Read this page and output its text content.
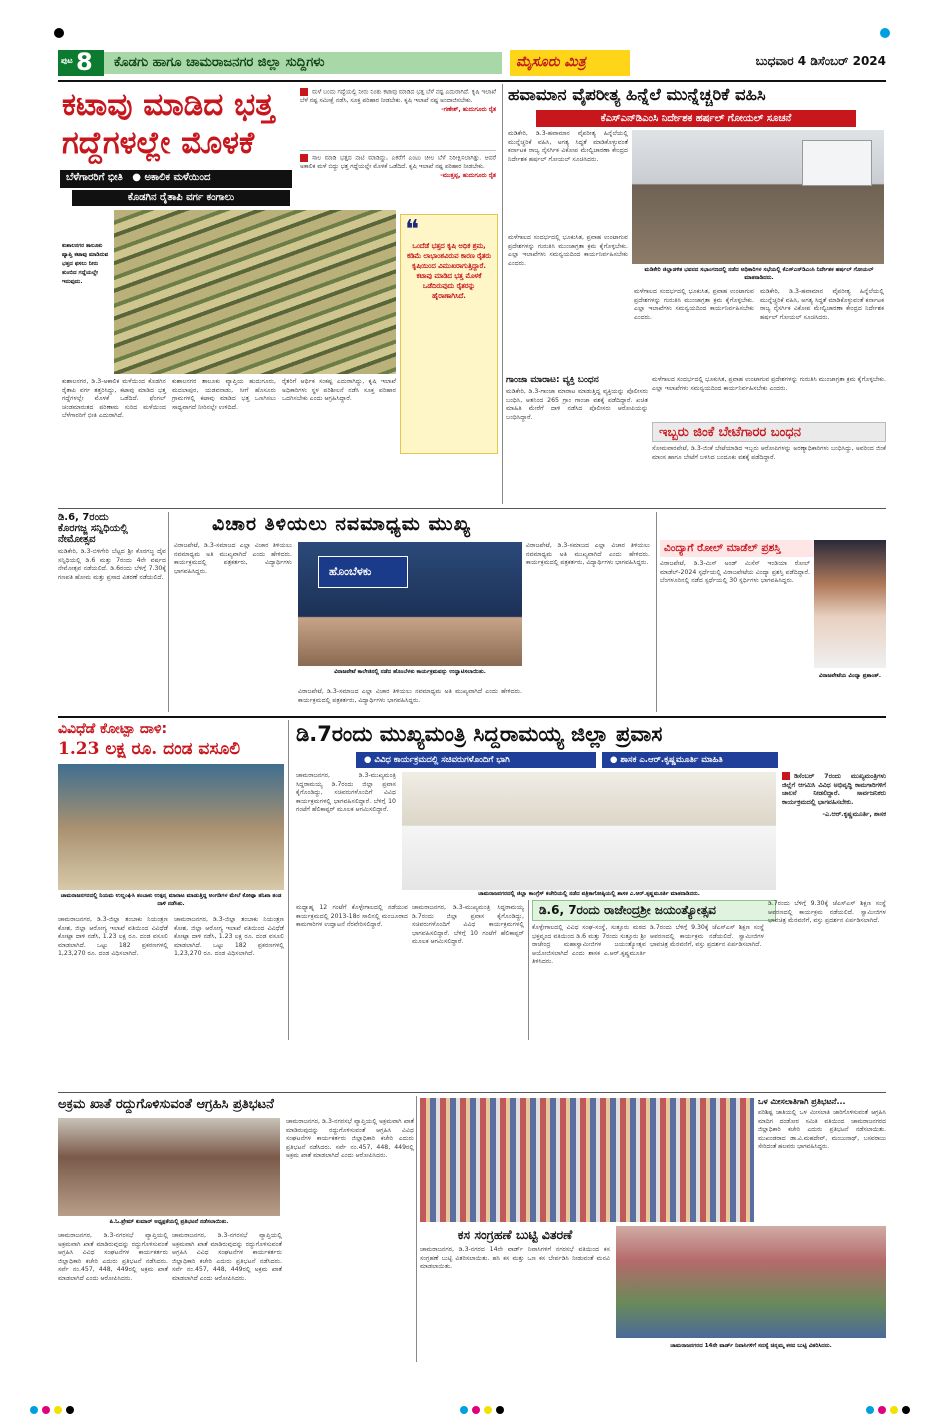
ಪುಟ 8	ಕೊಡಗು ಹಾಗೂ ಚಾಮರಾಜನಗರ ಜಿಲ್ಲಾ ಸುದ್ದಿಗಳು	ಮೈಸೂರು ಮಿತ್ರ	ಬುಧವಾರ 4 ಡಿಸೆಂಬರ್ 2024
ಕಟಾವು ಮಾಡಿದ ಭತ್ತ
ಗದ್ದೆಗಳಲ್ಲೇ ಮೊಳಕೆ
ಬೆಳೆಗಾರರಿಗೆ ಭೀತಿ ● ಅಕಾಲಿಕ ಮಳೆಯಿಂದ
ಕೊಡಗಿನ ರೈತಾಪಿ ವರ್ಗ ಕಂಗಾಲು
ಮಳೆ ಬಂದು ಗದ್ದೆಯಲ್ಲಿ ನೀರು ನಿಂತು ಕಟಾವು ಮಾಡಿದ ಭತ್ತ ಬೆಳೆ ನಷ್ಟ ಎದುರಾಗಿದೆ. ಕೃಷಿ ಇಲಾಖೆ ಬೆಳೆ ನಷ್ಟ ಸಮೀಕ್ಷೆ ನಡೆಸಿ, ಸೂಕ್ತ ಪರಿಹಾರ ನೀಡಬೇಕು. ಕೃಷಿ ಇಲಾಖೆ ನಷ್ಟ ಅಂದಾಜಿಸಬೇಕು.
-ಗಣೇಶ್, ಹುದುಗೂರು ರೈತ
ಸಾಲ ಮಾಡಿ ಭತ್ತದ ನಾಟಿ ಮಾಡಿದ್ದು, ಎಕರೆಗೆ ಎಂಟು ಚೀಲ ಬೆಳೆ ನಿರೀಕ್ಷಿಸಲಾಗಿತ್ತು. ಆದರೆ ಅಕಾಲಿಕ ಮಳೆ ಬಿದ್ದು ಭತ್ತ ಗದ್ದೆಯಲ್ಲೇ ಮೊಳಕೆ ಒಡೆದಿದೆ. ಕೃಷಿ ಇಲಾಖೆ ನಷ್ಟ ಪರಿಹಾರ ನೀಡಬೇಕು.
-ಮುತ್ತಪ್ಪ, ಹುದುಗೂರು ರೈತ
ಕುಶಾಲನಗರ ತಾಲೂಕು ವ್ಯಾಪ್ತಿ ಕಟಾವು ಮಾಡಿರುವ ಭತ್ತದ ಫಸಲು ನೀರು ತುಂಬಿದ ಗದ್ದೆಯಲ್ಲೇ ಇರುವುದು.
❝
ಒಂದೆಡೆ ಭತ್ತದ ಕೃಷಿ ಅಧಿಕ ಶ್ರಮ, ಕಡಿಮೆ ಲಾಭಾಂಶವಿರುವ ಕಾರಣ ರೈತರು ಕೃಷಿಯಿಂದ ವಿಮುಖರಾಗುತ್ತಿದ್ದಾರೆ. ಕಟಾವು ಮಾಡಿದ ಭತ್ತ ಮೊಳಕೆ ಒಡೆದಿರುವುದು ರೈತರನ್ನು ಹೈರಾಣಾಗಿಸಿದೆ.
ಕುಶಾಲನಗರ, ಡಿ.3-ಅಕಾಲಿಕ ಮಳೆಯಿಂದ ಕೊಡಗಿನ ರೈತಾಪಿ ವರ್ಗ ತತ್ತರಿಸಿದ್ದು, ಕಟಾವು ಮಾಡಿದ ಭತ್ತ ಗದ್ದೆಗಳಲ್ಲೇ ಮೊಳಕೆ ಒಡೆದಿದೆ. ಫೆಂಗಲ್ ಚಂಡಮಾರುತದ ಪರಿಣಾಮ ಸುರಿದ ಮಳೆಯಿಂದ ಬೆಳೆಗಾರರಿಗೆ ಭೀತಿ ಎದುರಾಗಿದೆ.
ಕುಶಾಲನಗರ ತಾಲೂಕು ವ್ಯಾಪ್ತಿಯ ಹುದುಗೂರು, ಮದಲಾಪುರ, ಯಡವನಾಡು, ಸೀಗೆ ಹೊಸೂರು ಗ್ರಾಮಗಳಲ್ಲಿ ಕಟಾವು ಮಾಡಿದ ಭತ್ತ ಒಣಗಿಸಲು ಸಾಧ್ಯವಾಗದೆ ನೀರಿನಲ್ಲೇ ಉಳಿದಿದೆ.
ರೈತರಿಗೆ ಆರ್ಥಿಕ ಸಂಕಷ್ಟ ಎದುರಾಗಿದ್ದು, ಕೃಷಿ ಇಲಾಖೆ ಅಧಿಕಾರಿಗಳು ಸ್ಥಳ ಪರಿಶೀಲನೆ ನಡೆಸಿ ಸೂಕ್ತ ಪರಿಹಾರ ಒದಗಿಸಬೇಕು ಎಂದು ಆಗ್ರಹಿಸಿದ್ದಾರೆ.
ಹವಾಮಾನ ವೈಪರೀತ್ಯ ಹಿನ್ನೆಲೆ ಮುನ್ನೆಚ್ಚರಿಕೆ ವಹಿಸಿ
ಕೆಎಸ್‌ಎನ್‌ಡಿಎಂಸಿ ನಿರ್ದೇಶಕ ಹರ್ಷಲ್ ಗೋಯಲ್ ಸೂಚನೆ
ಮಡಿಕೇರಿ, ಡಿ.3-ಹವಾಮಾನ ವೈಪರೀತ್ಯ ಹಿನ್ನೆಲೆಯಲ್ಲಿ ಮುನ್ನೆಚ್ಚರಿಕೆ ವಹಿಸಿ, ಅಗತ್ಯ ಸಿದ್ಧತೆ ಮಾಡಿಕೊಳ್ಳುವಂತೆ ಕರ್ನಾಟಕ ರಾಜ್ಯ ನೈಸರ್ಗಿಕ ವಿಕೋಪ ಮೇಲ್ವಿಚಾರಣಾ ಕೇಂದ್ರದ ನಿರ್ದೇಶಕ ಹರ್ಷಲ್ ಗೋಯಲ್ ಸೂಚಿಸಿದರು.
ಮಳೆಗಾಲದ ಸಂದರ್ಭದಲ್ಲಿ ಭೂಕುಸಿತ, ಪ್ರವಾಹ ಉಂಟಾಗುವ ಪ್ರದೇಶಗಳನ್ನು ಗುರುತಿಸಿ ಮುಂಜಾಗ್ರತಾ ಕ್ರಮ ಕೈಗೊಳ್ಳಬೇಕು. ಎಲ್ಲಾ ಇಲಾಖೆಗಳು ಸಮನ್ವಯದಿಂದ ಕಾರ್ಯನಿರ್ವಹಿಸಬೇಕು ಎಂದರು.
ಮಡಿಕೇರಿ ಜಿಲ್ಲಾಡಳಿತ ಭವನದ ಸಭಾಂಗಣದಲ್ಲಿ ನಡೆದ ಅಧಿಕಾರಿಗಳ ಸಭೆಯಲ್ಲಿ ಕೆಎಸ್‌ಎನ್‌ಡಿಎಂಸಿ ನಿರ್ದೇಶಕ ಹರ್ಷಲ್ ಗೋಯಲ್ ಮಾತನಾಡಿದರು.
ಮಳೆಗಾಲದ ಸಂದರ್ಭದಲ್ಲಿ ಭೂಕುಸಿತ, ಪ್ರವಾಹ ಉಂಟಾಗುವ ಪ್ರದೇಶಗಳನ್ನು ಗುರುತಿಸಿ ಮುಂಜಾಗ್ರತಾ ಕ್ರಮ ಕೈಗೊಳ್ಳಬೇಕು. ಎಲ್ಲಾ ಇಲಾಖೆಗಳು ಸಮನ್ವಯದಿಂದ ಕಾರ್ಯನಿರ್ವಹಿಸಬೇಕು ಎಂದರು.
ಮಡಿಕೇರಿ, ಡಿ.3-ಹವಾಮಾನ ವೈಪರೀತ್ಯ ಹಿನ್ನೆಲೆಯಲ್ಲಿ ಮುನ್ನೆಚ್ಚರಿಕೆ ವಹಿಸಿ, ಅಗತ್ಯ ಸಿದ್ಧತೆ ಮಾಡಿಕೊಳ್ಳುವಂತೆ ಕರ್ನಾಟಕ ರಾಜ್ಯ ನೈಸರ್ಗಿಕ ವಿಕೋಪ ಮೇಲ್ವಿಚಾರಣಾ ಕೇಂದ್ರದ ನಿರ್ದೇಶಕ ಹರ್ಷಲ್ ಗೋಯಲ್ ಸೂಚಿಸಿದರು.
ಗಾಂಜಾ ಮಾರಾಟ: ವ್ಯಕ್ತಿ ಬಂಧನ
ಮಡಿಕೇರಿ, ಡಿ.3-ಗಾಂಜಾ ಮಾರಾಟ ಮಾಡುತ್ತಿದ್ದ ವ್ಯಕ್ತಿಯನ್ನು ಪೊಲೀಸರು ಬಂಧಿಸಿ, ಆತನಿಂದ 265 ಗ್ರಾಂ ಗಾಂಜಾ ವಶಕ್ಕೆ ಪಡೆದಿದ್ದಾರೆ. ಖಚಿತ ಮಾಹಿತಿ ಮೇರೆಗೆ ದಾಳಿ ನಡೆಸಿದ ಪೊಲೀಸರು ಆರೋಪಿಯನ್ನು ಬಂಧಿಸಿದ್ದಾರೆ.
ಮಳೆಗಾಲದ ಸಂದರ್ಭದಲ್ಲಿ ಭೂಕುಸಿತ, ಪ್ರವಾಹ ಉಂಟಾಗುವ ಪ್ರದೇಶಗಳನ್ನು ಗುರುತಿಸಿ ಮುಂಜಾಗ್ರತಾ ಕ್ರಮ ಕೈಗೊಳ್ಳಬೇಕು. ಎಲ್ಲಾ ಇಲಾಖೆಗಳು ಸಮನ್ವಯದಿಂದ ಕಾರ್ಯನಿರ್ವಹಿಸಬೇಕು ಎಂದರು.
ಇಬ್ಬರು ಜಿಂಕೆ ಬೇಟೆಗಾರರ ಬಂಧನ
ಸೋಮವಾರಪೇಟೆ, ಡಿ.3-ಜಿಂಕೆ ಬೇಟೆಯಾಡಿದ ಇಬ್ಬರು ಆರೋಪಿಗಳನ್ನು ಅರಣ್ಯಾಧಿಕಾರಿಗಳು ಬಂಧಿಸಿದ್ದು, ಅವರಿಂದ ಜಿಂಕೆ ಮಾಂಸ ಹಾಗೂ ಬೇಟೆಗೆ ಬಳಸಿದ ಬಂದೂಕು ವಶಕ್ಕೆ ಪಡೆದಿದ್ದಾರೆ.
ಡಿ.6, 7ರಂದು
ಕೊರಗಜ್ಜ ಸನ್ನಿಧಿಯಲ್ಲಿ
ನೇಮೋತ್ಸವ
ಮಡಿಕೇರಿ, ಡಿ.3-ಬಿಳಿಗೇರಿ ಬೆಟ್ಟದ ಶ್ರೀ ಕೊರಗಜ್ಜ ದೈವ ಸನ್ನಿಧಿಯಲ್ಲಿ ಡಿ.6 ಮತ್ತು 7ರಂದು 4ನೇ ವರ್ಷದ ನೇಮೋತ್ಸವ ನಡೆಯಲಿದೆ. ಡಿ.6ರಂದು ಬೆಳಿಗ್ಗೆ 7.30ಕ್ಕೆ ಗಣಪತಿ ಹೋಮ ಮತ್ತು ಪ್ರಸಾದ ವಿತರಣೆ ನಡೆಯಲಿದೆ.
ವಿಚಾರ ತಿಳಿಯಲು ನವಮಾಧ್ಯಮ ಮುಖ್ಯ
ವಿರಾಜಪೇಟೆ, ಡಿ.3-ಸಮಾಜದ ಎಲ್ಲಾ ವಿಚಾರ ತಿಳಿಯಲು ನವಮಾಧ್ಯಮ ಅತಿ ಮುಖ್ಯವಾಗಿದೆ ಎಂದು ಹೇಳಿದರು. ಕಾರ್ಯಕ್ರಮದಲ್ಲಿ ಪತ್ರಕರ್ತರು, ವಿದ್ಯಾರ್ಥಿಗಳು ಭಾಗವಹಿಸಿದ್ದರು.	ಹೊಂಬೆಳಕು
ವಿರಾಜಪೇಟೆ ಕಾಲೇಜಿನಲ್ಲಿ ನಡೆದ ಹೊಂಬೆಳಕು ಕಾರ್ಯಕ್ರಮವನ್ನು ಉದ್ಘಾಟಿಸಲಾಯಿತು.
ವಿರಾಜಪೇಟೆ, ಡಿ.3-ಸಮಾಜದ ಎಲ್ಲಾ ವಿಚಾರ ತಿಳಿಯಲು ನವಮಾಧ್ಯಮ ಅತಿ ಮುಖ್ಯವಾಗಿದೆ ಎಂದು ಹೇಳಿದರು. ಕಾರ್ಯಕ್ರಮದಲ್ಲಿ ಪತ್ರಕರ್ತರು, ವಿದ್ಯಾರ್ಥಿಗಳು ಭಾಗವಹಿಸಿದ್ದರು.
ವಿರಾಜಪೇಟೆ, ಡಿ.3-ಸಮಾಜದ ಎಲ್ಲಾ ವಿಚಾರ ತಿಳಿಯಲು ನವಮಾಧ್ಯಮ ಅತಿ ಮುಖ್ಯವಾಗಿದೆ ಎಂದು ಹೇಳಿದರು. ಕಾರ್ಯಕ್ರಮದಲ್ಲಿ ಪತ್ರಕರ್ತರು, ವಿದ್ಯಾರ್ಥಿಗಳು ಭಾಗವಹಿಸಿದ್ದರು.
ವಿಂದ್ಯಾಗೆ ರೋಲ್ ಮಾಡೆಲ್ ಪ್ರಶಸ್ತಿ
ವಿರಾಜಪೇಟೆ, ಡಿ.3-ಮಿಸ್ ಅಂಡ್ ಮಿಸೆಸ್ ಇಂಡಿಯಾ ರೋಲ್ ಮಾಡೆಲ್-2024 ಸ್ಪರ್ಧೆಯಲ್ಲಿ ವಿರಾಜಪೇಟೆಯ ವಿಂದ್ಯಾ ಪ್ರಶಸ್ತಿ ಪಡೆದಿದ್ದಾರೆ. ಬೆಂಗಳೂರಿನಲ್ಲಿ ನಡೆದ ಸ್ಪರ್ಧೆಯಲ್ಲಿ 30 ಸ್ಪರ್ಧಿಗಳು ಭಾಗವಹಿಸಿದ್ದರು.
ವಿರಾಜಪೇಟೆಯ ವಿಂದ್ಯಾ ಪ್ರಶಾಂತ್.
ವಿವಿಧೆಡೆ ಕೋಟ್ಪಾ ದಾಳಿ:
1.23 ಲಕ್ಷ ರೂ. ದಂಡ ವಸೂಲಿ
ಚಾಮರಾಜನಗರದಲ್ಲಿ ನಿಯಮ ಉಲ್ಲಂಘಿಸಿ ತಂಬಾಕು ಉತ್ಪನ್ನ ಮಾರಾಟ ಮಾಡುತ್ತಿದ್ದ ಅಂಗಡಿಗಳ ಮೇಲೆ ಕೋಟ್ಪಾ ತನಿಖಾ ತಂಡ ದಾಳಿ ನಡೆಸಿತು.
ಚಾಮರಾಜನಗರ, ಡಿ.3-ಜಿಲ್ಲಾ ತಂಬಾಕು ನಿಯಂತ್ರಣ ಕೋಶ, ಜಿಲ್ಲಾ ಆರೋಗ್ಯ ಇಲಾಖೆ ವತಿಯಿಂದ ವಿವಿಧೆಡೆ ಕೋಟ್ಪಾ ದಾಳಿ ನಡೆಸಿ, 1.23 ಲಕ್ಷ ರೂ. ದಂಡ ವಸೂಲಿ ಮಾಡಲಾಗಿದೆ. ಒಟ್ಟು 182 ಪ್ರಕರಣಗಳಲ್ಲಿ 1,23,270 ರೂ. ದಂಡ ವಿಧಿಸಲಾಗಿದೆ.
ಚಾಮರಾಜನಗರ, ಡಿ.3-ಜಿಲ್ಲಾ ತಂಬಾಕು ನಿಯಂತ್ರಣ ಕೋಶ, ಜಿಲ್ಲಾ ಆರೋಗ್ಯ ಇಲಾಖೆ ವತಿಯಿಂದ ವಿವಿಧೆಡೆ ಕೋಟ್ಪಾ ದಾಳಿ ನಡೆಸಿ, 1.23 ಲಕ್ಷ ರೂ. ದಂಡ ವಸೂಲಿ ಮಾಡಲಾಗಿದೆ. ಒಟ್ಟು 182 ಪ್ರಕರಣಗಳಲ್ಲಿ 1,23,270 ರೂ. ದಂಡ ವಿಧಿಸಲಾಗಿದೆ.
ಡಿ.7ರಂದು ಮುಖ್ಯಮಂತ್ರಿ ಸಿದ್ದರಾಮಯ್ಯ ಜಿಲ್ಲಾ ಪ್ರವಾಸ
● ವಿವಿಧ ಕಾರ್ಯಕ್ರಮದಲ್ಲಿ ಸಚಿವರುಗಳೊಂದಿಗೆ ಭಾಗಿ	● ಶಾಸಕ ಎ.ಆರ್.ಕೃಷ್ಣಮೂರ್ತಿ ಮಾಹಿತಿ
ಚಾಮರಾಜನಗರ, ಡಿ.3-ಮುಖ್ಯಮಂತ್ರಿ ಸಿದ್ದರಾಮಯ್ಯ ಡಿ.7ರಂದು ಜಿಲ್ಲಾ ಪ್ರವಾಸ ಕೈಗೊಂಡಿದ್ದು, ಸಚಿವರುಗಳೊಂದಿಗೆ ವಿವಿಧ ಕಾರ್ಯಕ್ರಮಗಳಲ್ಲಿ ಭಾಗವಹಿಸಲಿದ್ದಾರೆ. ಬೆಳಿಗ್ಗೆ 10 ಗಂಟೆಗೆ ಹೆಲಿಕಾಪ್ಟರ್ ಮೂಲಕ ಆಗಮಿಸಲಿದ್ದಾರೆ.
ಚಾಮರಾಜನಗರದಲ್ಲಿ ಜಿಲ್ಲಾ ಕಾಂಗ್ರೆಸ್ ಕಚೇರಿಯಲ್ಲಿ ನಡೆದ ಪತ್ರಿಕಾಗೋಷ್ಠಿಯಲ್ಲಿ ಶಾಸಕ ಎ.ಆರ್.ಕೃಷ್ಣಮೂರ್ತಿ ಮಾತನಾಡಿದರು.
ಡಿಸೆಂಬರ್ 7ರಂದು ಮುಖ್ಯಮಂತ್ರಿಗಳು ಜಿಲ್ಲೆಗೆ ಆಗಮಿಸಿ ವಿವಿಧ ಅಭಿವೃದ್ಧಿ ಕಾಮಗಾರಿಗಳಿಗೆ ಚಾಲನೆ ನೀಡಲಿದ್ದಾರೆ. ಸಾರ್ವಜನಿಕರು ಕಾರ್ಯಕ್ರಮದಲ್ಲಿ ಭಾಗವಹಿಸಬೇಕು.
-ಎ.ಆರ್.ಕೃಷ್ಣಮೂರ್ತಿ, ಶಾಸಕ
ಮಧ್ಯಾಹ್ನ 12 ಗಂಟೆಗೆ ಕೊಳ್ಳೇಗಾಲದಲ್ಲಿ ನಡೆಯುವ ಕಾರ್ಯಕ್ರಮದಲ್ಲಿ 2013-18ರ ಸಾಲಿನಲ್ಲಿ ಮಂಜೂರಾದ ಕಾಮಗಾರಿಗಳ ಉದ್ಘಾಟನೆ ನೆರವೇರಿಸಲಿದ್ದಾರೆ.
ಚಾಮರಾಜನಗರ, ಡಿ.3-ಮುಖ್ಯಮಂತ್ರಿ ಸಿದ್ದರಾಮಯ್ಯ ಡಿ.7ರಂದು ಜಿಲ್ಲಾ ಪ್ರವಾಸ ಕೈಗೊಂಡಿದ್ದು, ಸಚಿವರುಗಳೊಂದಿಗೆ ವಿವಿಧ ಕಾರ್ಯಕ್ರಮಗಳಲ್ಲಿ ಭಾಗವಹಿಸಲಿದ್ದಾರೆ. ಬೆಳಿಗ್ಗೆ 10 ಗಂಟೆಗೆ ಹೆಲಿಕಾಪ್ಟರ್ ಮೂಲಕ ಆಗಮಿಸಲಿದ್ದಾರೆ.
ಡಿ.6, 7ರಂದು ರಾಜೇಂದ್ರಶ್ರೀ ಜಯಂತ್ಯೋತ್ಸವ
ಕೊಳ್ಳೇಗಾಲದಲ್ಲಿ ವಿವಿಧ ಸಂಘ-ಸಂಸ್ಥೆ, ಸುತ್ತೂರು ಮಠದ ಭಕ್ತವೃಂದ ವತಿಯಿಂದ ಡಿ.6 ಮತ್ತು 7ರಂದು ಸುತ್ತೂರು ಶ್ರೀ ರಾಜೇಂದ್ರ ಮಹಾಸ್ವಾಮೀಜಿಗಳ ಜಯಂತ್ಯೋತ್ಸವ ಆಯೋಜಿಸಲಾಗಿದೆ ಎಂದು ಶಾಸಕ ಎ.ಆರ್.ಕೃಷ್ಣಮೂರ್ತಿ ತಿಳಿಸಿದರು.
ಡಿ.7ರಂದು ಬೆಳಿಗ್ಗೆ 9.30ಕ್ಕೆ ಜೆಎಸ್‌ಎಸ್ ಶಿಕ್ಷಣ ಸಂಸ್ಥೆ ಆವರಣದಲ್ಲಿ ಕಾರ್ಯಕ್ರಮ ನಡೆಯಲಿದೆ. ಸ್ವಾಮೀಜಿಗಳ ಭಾವಚಿತ್ರ ಮೆರವಣಿಗೆ, ವಸ್ತು ಪ್ರದರ್ಶನ ಏರ್ಪಡಿಸಲಾಗಿದೆ.
ಡಿ.7ರಂದು ಬೆಳಿಗ್ಗೆ 9.30ಕ್ಕೆ ಜೆಎಸ್‌ಎಸ್ ಶಿಕ್ಷಣ ಸಂಸ್ಥೆ ಆವರಣದಲ್ಲಿ ಕಾರ್ಯಕ್ರಮ ನಡೆಯಲಿದೆ. ಸ್ವಾಮೀಜಿಗಳ ಭಾವಚಿತ್ರ ಮೆರವಣಿಗೆ, ವಸ್ತು ಪ್ರದರ್ಶನ ಏರ್ಪಡಿಸಲಾಗಿದೆ.
ಅಕ್ರಮ ಖಾತೆ ರದ್ದುಗೊಳಿಸುವಂತೆ ಆಗ್ರಹಿಸಿ ಪ್ರತಿಭಟನೆ
ಪಿ.ಓ.ಪ್ರೇಮ್ ಕುಮಾರ್ ಅಧ್ಯಕ್ಷತೆಯಲ್ಲಿ ಪ್ರತಿಭಟನೆ ನಡೆಸಲಾಯಿತು.
ಚಾಮರಾಜನಗರ, ಡಿ.3-ನಗರಸಭೆ ವ್ಯಾಪ್ತಿಯಲ್ಲಿ ಅಕ್ರಮವಾಗಿ ಖಾತೆ ಮಾಡಿರುವುದನ್ನು ರದ್ದುಗೊಳಿಸುವಂತೆ ಆಗ್ರಹಿಸಿ ವಿವಿಧ ಸಂಘಟನೆಗಳ ಕಾರ್ಯಕರ್ತರು ಜಿಲ್ಲಾಧಿಕಾರಿ ಕಚೇರಿ ಎದುರು ಪ್ರತಿಭಟನೆ ನಡೆಸಿದರು. ಸರ್ವೆ ನಂ.457, 448, 449ರಲ್ಲಿ ಅಕ್ರಮ ಖಾತೆ ಮಾಡಲಾಗಿದೆ ಎಂದು ಆರೋಪಿಸಿದರು.
ಚಾಮರಾಜನಗರ, ಡಿ.3-ನಗರಸಭೆ ವ್ಯಾಪ್ತಿಯಲ್ಲಿ ಅಕ್ರಮವಾಗಿ ಖಾತೆ ಮಾಡಿರುವುದನ್ನು ರದ್ದುಗೊಳಿಸುವಂತೆ ಆಗ್ರಹಿಸಿ ವಿವಿಧ ಸಂಘಟನೆಗಳ ಕಾರ್ಯಕರ್ತರು ಜಿಲ್ಲಾಧಿಕಾರಿ ಕಚೇರಿ ಎದುರು ಪ್ರತಿಭಟನೆ ನಡೆಸಿದರು. ಸರ್ವೆ ನಂ.457, 448, 449ರಲ್ಲಿ ಅಕ್ರಮ ಖಾತೆ ಮಾಡಲಾಗಿದೆ ಎಂದು ಆರೋಪಿಸಿದರು.
ಚಾಮರಾಜನಗರ, ಡಿ.3-ನಗರಸಭೆ ವ್ಯಾಪ್ತಿಯಲ್ಲಿ ಅಕ್ರಮವಾಗಿ ಖಾತೆ ಮಾಡಿರುವುದನ್ನು ರದ್ದುಗೊಳಿಸುವಂತೆ ಆಗ್ರಹಿಸಿ ವಿವಿಧ ಸಂಘಟನೆಗಳ ಕಾರ್ಯಕರ್ತರು ಜಿಲ್ಲಾಧಿಕಾರಿ ಕಚೇರಿ ಎದುರು ಪ್ರತಿಭಟನೆ ನಡೆಸಿದರು. ಸರ್ವೆ ನಂ.457, 448, 449ರಲ್ಲಿ ಅಕ್ರಮ ಖಾತೆ ಮಾಡಲಾಗಿದೆ ಎಂದು ಆರೋಪಿಸಿದರು.
ಕಸ ಸಂಗ್ರಹಣೆ ಬುಟ್ಟಿ ವಿತರಣೆ
ಚಾಮರಾಜನಗರ, ಡಿ.3-ನಗರದ 14ನೇ ವಾರ್ಡ್ ನಿವಾಸಿಗಳಿಗೆ ನಗರಸಭೆ ವತಿಯಿಂದ ಕಸ ಸಂಗ್ರಹಣೆ ಬುಟ್ಟಿ ವಿತರಿಸಲಾಯಿತು. ಹಸಿ ಕಸ ಮತ್ತು ಒಣ ಕಸ ಬೇರ್ಪಡಿಸಿ ನೀಡುವಂತೆ ಮನವಿ ಮಾಡಲಾಯಿತು.
ಚಾಮರಾಜನಗರದ 14ನೇ ವಾರ್ಡ್ ನಿವಾಸಿಗಳಿಗೆ ಸದಸ್ಯೆ ಚಿನ್ನಮ್ಮ ಕಸದ ಬುಟ್ಟಿ ವಿತರಿಸಿದರು.
ಒಳ ಮೀಸಲಾತಿಗಾಗಿ ಪ್ರತಿಭಟನೆ...
ಪರಿಶಿಷ್ಟ ಜಾತಿಯಲ್ಲಿ ಒಳ ಮೀಸಲಾತಿ ಜಾರಿಗೊಳಿಸುವಂತೆ ಆಗ್ರಹಿಸಿ ಮಾದಿಗ ದಂಡೋರ ಸಮಿತಿ ವತಿಯಿಂದ ಚಾಮರಾಜನಗರದ ಜಿಲ್ಲಾಧಿಕಾರಿ ಕಚೇರಿ ಎದುರು ಪ್ರತಿಭಟನೆ ನಡೆಸಲಾಯಿತು. ಮುಖಂಡರಾದ ಡಾ.ವಿ.ಮಹದೇವ್, ಮಂಜುನಾಥ್, ಬಸವರಾಜು ಸೇರಿದಂತೆ ಹಲವರು ಭಾಗವಹಿಸಿದ್ದರು.
